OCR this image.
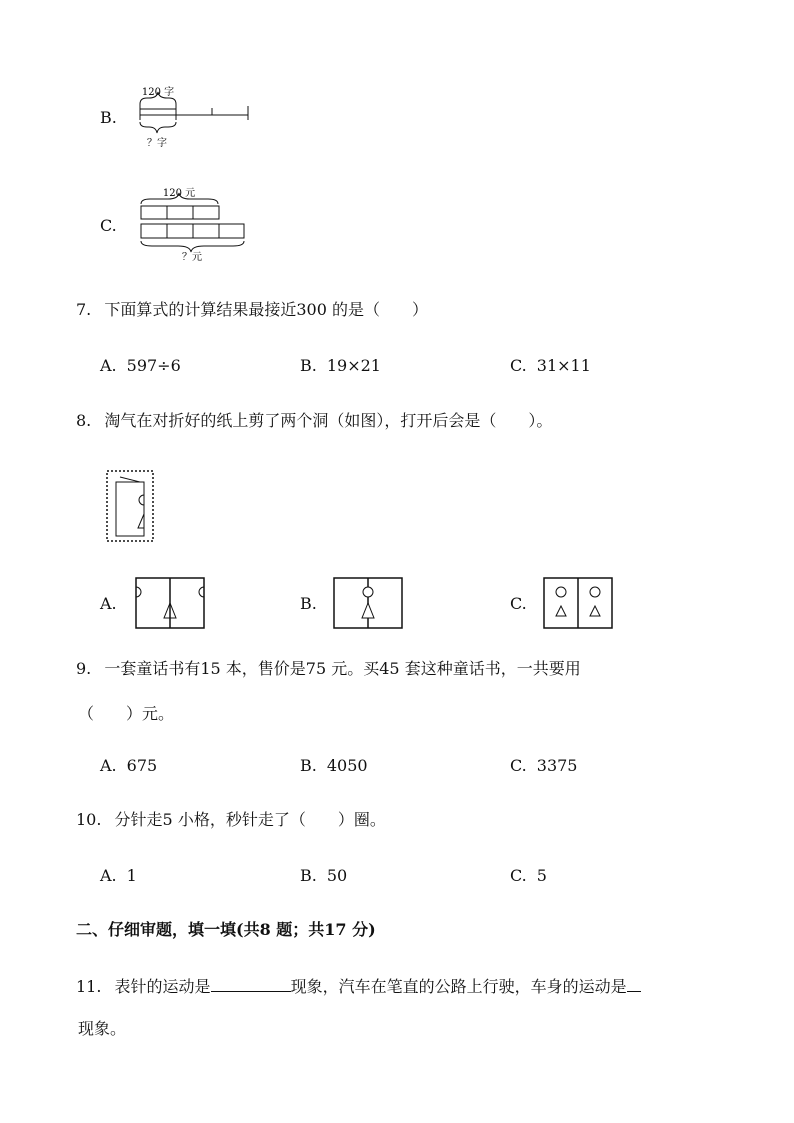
B.
120 字
？字
C.
120 元
？元
7. 下面算式的计算结果最接近300 的是（　　）
A. 597÷6	B. 19×21	C. 31×11
8. 淘气在对折好的纸上剪了两个洞（如图），打开后会是（　　）。
A.	B.	C.
9. 一套童话书有15 本，售价是75 元。买45 套这种童话书，一共要用
（　　）元。
A. 675	B. 4050	C. 3375
10. 分针走5 小格，秒针走了（　　）圈。
A. 1	B. 50	C. 5
二、仔细审题，填一填(共8 题；共17 分)
11. 表针的运动是	现象，汽车在笔直的公路上行驶，车身的运动是
现象。
